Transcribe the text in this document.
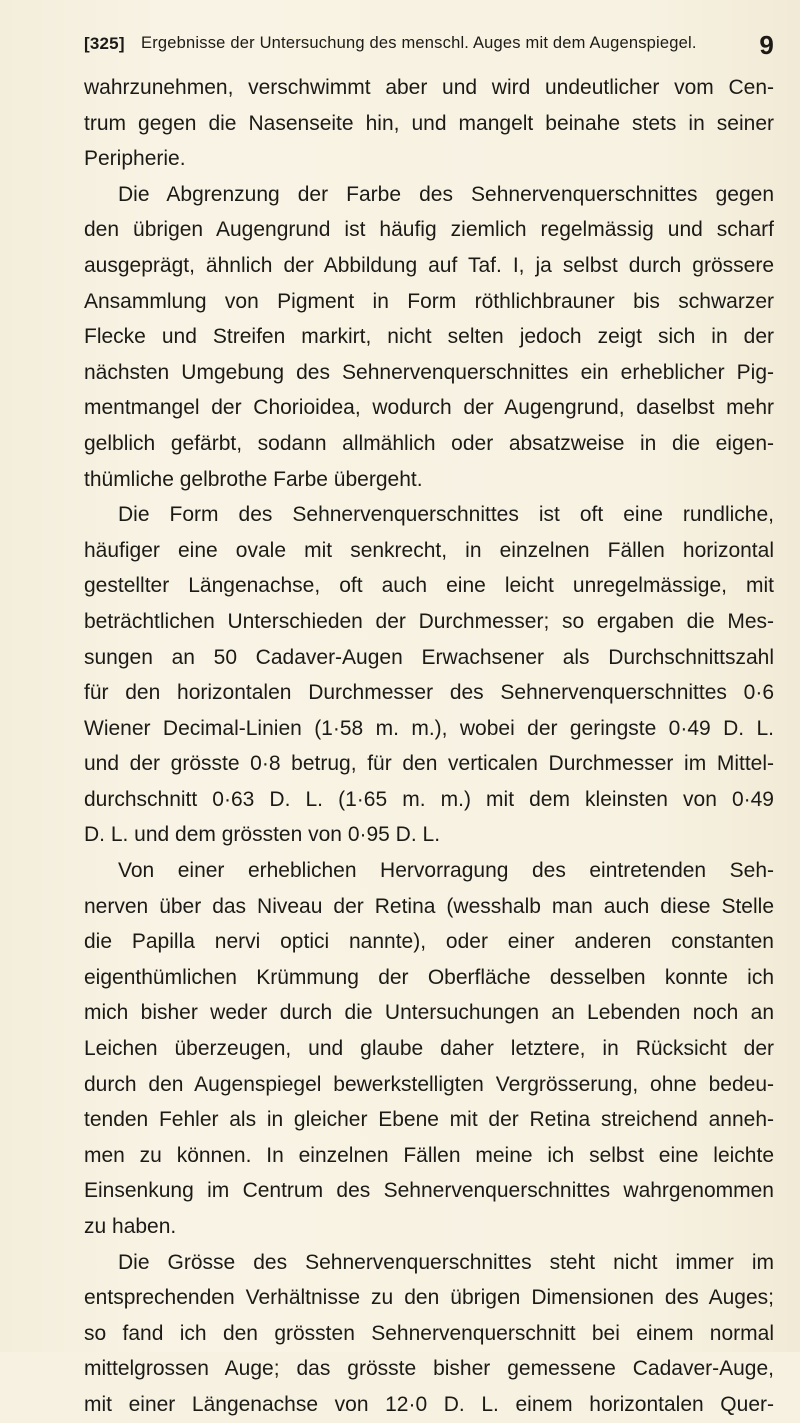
[325] Ergebnisse der Untersuchung des menschl. Auges mit dem Augenspiegel. 9
wahrzunehmen, verschwimmt aber und wird undeutlicher vom Cen-
trum gegen die Nasenseite hin, und mangelt beinahe stets in seiner
Peripherie.
Die Abgrenzung der Farbe des Sehnervenquerschnittes gegen
den übrigen Augengrund ist häufig ziemlich regelmässig und scharf
ausgeprägt, ähnlich der Abbildung auf Taf. I, ja selbst durch grössere
Ansammlung von Pigment in Form röthlichbrauner bis schwarzer
Flecke und Streifen markirt, nicht selten jedoch zeigt sich in der
nächsten Umgebung des Sehnervenquerschnittes ein erheblicher Pig-
mentmangel der Chorioidea, wodurch der Augengrund, daselbst mehr
gelblich gefärbt, sodann allmählich oder absatzweise in die eigen-
thümliche gelbrothe Farbe übergeht.
Die Form des Sehnervenquerschnittes ist oft eine rundliche,
häufiger eine ovale mit senkrecht, in einzelnen Fällen horizontal
gestellter Längenachse, oft auch eine leicht unregelmässige, mit
beträchtlichen Unterschieden der Durchmesser; so ergaben die Mes-
sungen an 50 Cadaver-Augen Erwachsener als Durchschnittszahl
für den horizontalen Durchmesser des Sehnervenquerschnittes 0·6
Wiener Decimal-Linien (1·58 m. m.), wobei der geringste 0·49 D. L.
und der grösste 0·8 betrug, für den verticalen Durchmesser im Mittel-
durchschnitt 0·63 D. L. (1·65 m. m.) mit dem kleinsten von 0·49
D. L. und dem grössten von 0·95 D. L.
Von einer erheblichen Hervorragung des eintretenden Seh-
nerven über das Niveau der Retina (wesshalb man auch diese Stelle
die Papilla nervi optici nannte), oder einer anderen constanten
eigenthümlichen Krümmung der Oberfläche desselben konnte ich
mich bisher weder durch die Untersuchungen an Lebenden noch an
Leichen überzeugen, und glaube daher letztere, in Rücksicht der
durch den Augenspiegel bewerkstelligten Vergrösserung, ohne bedeu-
tenden Fehler als in gleicher Ebene mit der Retina streichend anneh-
men zu können. In einzelnen Fällen meine ich selbst eine leichte
Einsenkung im Centrum des Sehnervenquerschnittes wahrgenommen
zu haben.
Die Grösse des Sehnervenquerschnittes steht nicht immer im
entsprechenden Verhältnisse zu den übrigen Dimensionen des Auges;
so fand ich den grössten Sehnervenquerschnitt bei einem normal
mittelgrossen Auge; das grösste bisher gemessene Cadaver-Auge,
mit einer Längenachse von 12·0 D. L. einem horizontalen Quer-
